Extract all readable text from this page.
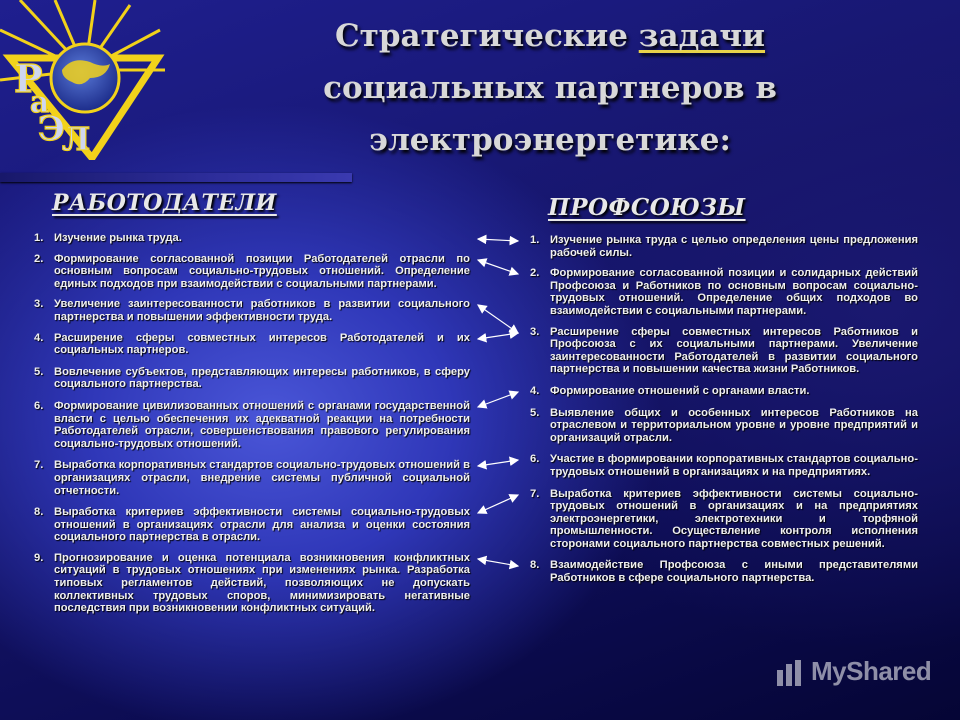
Р
а
Э
Л
Стратегические задачи
социальных партнеров в
электроэнергетике:
РАБОТОДАТЕЛИ	ПРОФСОЮЗЫ
1. Изучение рынка труда.
2. Формирование согласованной позиции Работодателей отрасли по основным вопросам социально-трудовых отношений. Определение единых подходов при взаимодействии с социальными партнерами.
3. Увеличение заинтересованности работников в развитии социального партнерства и повышении эффективности труда.
4. Расширение сферы совместных интересов Работодателей и их социальных партнеров.
5. Вовлечение субъектов, представляющих интересы работников, в сферу социального партнерства.
6. Формирование цивилизованных отношений с органами государственной власти с целью обеспечения их адекватной реакции на потребности Работодателей отрасли, совершенствования правового регулирования социально-трудовых отношений.
7. Выработка корпоративных стандартов социально-трудовых отношений в организациях отрасли, внедрение системы публичной социальной отчетности.
8. Выработка критериев эффективности системы социально-трудовых отношений в организациях отрасли для анализа и оценки состояния социального партнерства в отрасли.
9. Прогнозирование и оценка потенциала возникновения конфликтных ситуаций в трудовых отношениях при изменениях рынка. Разработка типовых регламентов действий, позволяющих не допускать коллективных трудовых споров, минимизировать негативные последствия при возникновении конфликтных ситуаций.
1. Изучение рынка труда с целью определения цены предложения рабочей силы.
2. Формирование согласованной позиции и солидарных действий Профсоюза и Работников по основным вопросам социально-трудовых отношений. Определение общих подходов во взаимодействии с социальными партнерами.
3. Расширение сферы совместных интересов Работников и Профсоюза с их социальными партнерами. Увеличение заинтересованности Работодателей в развитии социального партнерства и повышении качества жизни Работников.
4. Формирование отношений с органами власти.
5. Выявление общих и особенных интересов Работников на отраслевом и территориальном уровне и уровне предприятий и организаций отрасли.
6. Участие в формировании корпоративных стандартов социально-трудовых отношений в организациях и на предприятиях.
7. Выработка критериев эффективности системы социально-трудовых отношений в организациях и на предприятиях электроэнергетики, электротехники и торфяной промышленности. Осуществление контроля исполнения сторонами социального партнерства совместных решений.
8. Взаимодействие Профсоюза с иными представителями Работников в сфере социального партнерства.
MyShared
